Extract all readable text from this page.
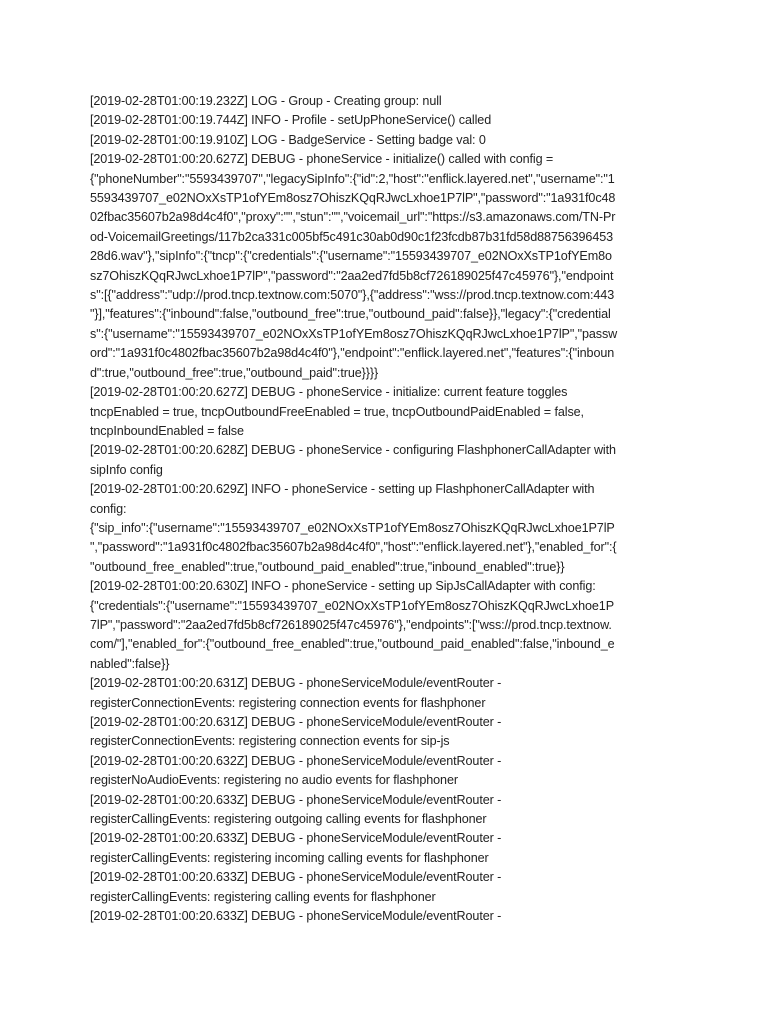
[2019-02-28T01:00:19.232Z] LOG - Group - Creating group: null

[2019-02-28T01:00:19.744Z] INFO - Profile - setUpPhoneService() called

[2019-02-28T01:00:19.910Z] LOG - BadgeService - Setting badge val: 0

[2019-02-28T01:00:20.627Z] DEBUG - phoneService - initialize() called with config =

{"phoneNumber":"5593439707","legacySipInfo":{"id":2,"host":"enflick.layered.net","username":"1

5593439707_e02NOxXsTP1ofYEm8osz7OhiszKQqRJwcLxhoe1P7lP","password":"1a931f0c48

02fbac35607b2a98d4c4f0","proxy":"","stun":"","voicemail_url":"https://s3.amazonaws.com/TN-Pr

od-VoicemailGreetings/117b2ca331c005bf5c491c30ab0d90c1f23fcdb87b31fd58d88756396453

28d6.wav"},"sipInfo":{"tncp":{"credentials":{"username":"15593439707_e02NOxXsTP1ofYEm8o

sz7OhiszKQqRJwcLxhoe1P7lP","password":"2aa2ed7fd5b8cf726189025f47c45976"},"endpoint

s":[{"address":"udp://prod.tncp.textnow.com:5070"},{"address":"wss://prod.tncp.textnow.com:443

"}],"features":{"inbound":false,"outbound_free":true,"outbound_paid":false}},"legacy":{"credential

s":{"username":"15593439707_e02NOxXsTP1ofYEm8osz7OhiszKQqRJwcLxhoe1P7lP","passw

ord":"1a931f0c4802fbac35607b2a98d4c4f0"},"endpoint":"enflick.layered.net","features":{"inboun

d":true,"outbound_free":true,"outbound_paid":true}}}}

[2019-02-28T01:00:20.627Z] DEBUG - phoneService - initialize: current feature toggles

tncpEnabled = true, tncpOutboundFreeEnabled = true, tncpOutboundPaidEnabled = false,

tncpInboundEnabled = false

[2019-02-28T01:00:20.628Z] DEBUG - phoneService - configuring FlashphonerCallAdapter with

sipInfo config

[2019-02-28T01:00:20.629Z] INFO - phoneService - setting up FlashphonerCallAdapter with

config:

{"sip_info":{"username":"15593439707_e02NOxXsTP1ofYEm8osz7OhiszKQqRJwcLxhoe1P7lP

","password":"1a931f0c4802fbac35607b2a98d4c4f0","host":"enflick.layered.net"},"enabled_for":{

"outbound_free_enabled":true,"outbound_paid_enabled":true,"inbound_enabled":true}}

[2019-02-28T01:00:20.630Z] INFO - phoneService - setting up SipJsCallAdapter with config:

{"credentials":{"username":"15593439707_e02NOxXsTP1ofYEm8osz7OhiszKQqRJwcLxhoe1P

7lP","password":"2aa2ed7fd5b8cf726189025f47c45976"},"endpoints":["wss://prod.tncp.textnow.

com/"],"enabled_for":{"outbound_free_enabled":true,"outbound_paid_enabled":false,"inbound_e

nabled":false}}

[2019-02-28T01:00:20.631Z] DEBUG - phoneServiceModule/eventRouter -

registerConnectionEvents: registering connection events for flashphoner

[2019-02-28T01:00:20.631Z] DEBUG - phoneServiceModule/eventRouter -

registerConnectionEvents: registering connection events for sip-js

[2019-02-28T01:00:20.632Z] DEBUG - phoneServiceModule/eventRouter -

registerNoAudioEvents: registering no audio events for flashphoner

[2019-02-28T01:00:20.633Z] DEBUG - phoneServiceModule/eventRouter -

registerCallingEvents: registering outgoing calling events for flashphoner

[2019-02-28T01:00:20.633Z] DEBUG - phoneServiceModule/eventRouter -

registerCallingEvents: registering incoming calling events for flashphoner

[2019-02-28T01:00:20.633Z] DEBUG - phoneServiceModule/eventRouter -

registerCallingEvents: registering calling events for flashphoner

[2019-02-28T01:00:20.633Z] DEBUG - phoneServiceModule/eventRouter -
